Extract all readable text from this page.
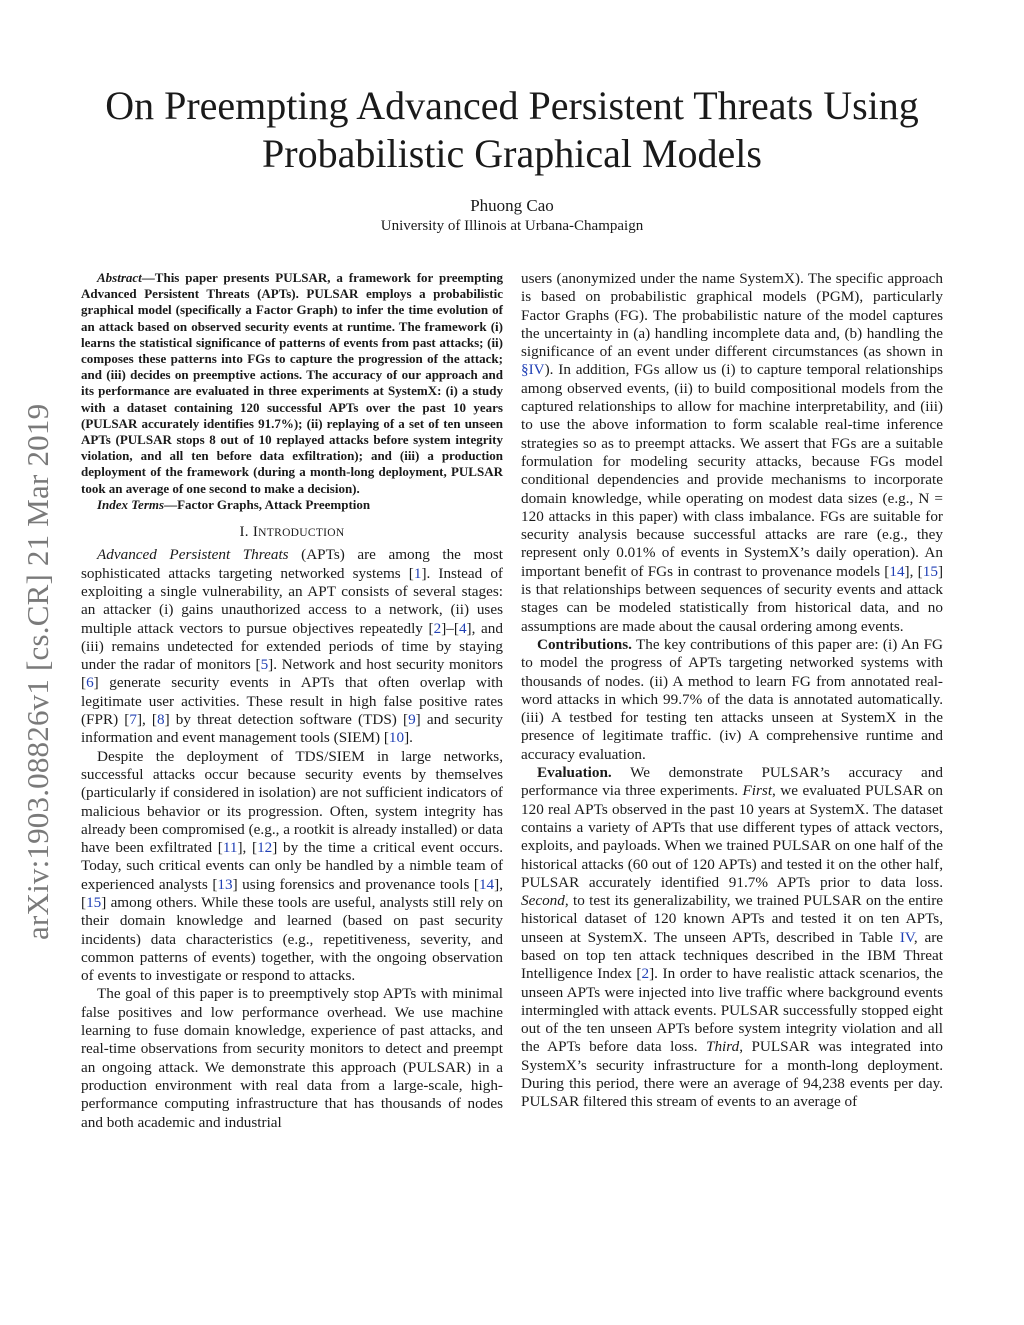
arXiv:1903.08826v1 [cs.CR] 21 Mar 2019
On Preempting Advanced Persistent Threats Using
Probabilistic Graphical Models
Phuong Cao
University of Illinois at Urbana-Champaign

Abstract—This paper presents PULSAR, a framework for preempting Advanced Persistent Threats (APTs). PULSAR employs a probabilistic graphical model (specifically a Factor Graph) to infer the time evolution of an attack based on observed security events at runtime. The framework (i) learns the statistical significance of patterns of events from past attacks; (ii) composes these patterns into FGs to capture the progression of the attack; and (iii) decides on preemptive actions. The accuracy of our approach and its performance are evaluated in three experiments at SystemX: (i) a study with a dataset containing 120 successful APTs over the past 10 years (PULSAR accurately identifies 91.7%); (ii) replaying of a set of ten unseen APTs (PULSAR stops 8 out of 10 replayed attacks before system integrity violation, and all ten before data exfiltration); and (iii) a production deployment of the framework (during a month-long deployment, PULSAR took an average of one second to make a decision).

Index Terms—Factor Graphs, Attack Preemption

I. INTRODUCTION

Advanced Persistent Threats (APTs) are among the most sophisticated attacks targeting networked systems [1]. Instead of exploiting a single vulnerability, an APT consists of several stages: an attacker (i) gains unauthorized access to a network, (ii) uses multiple attack vectors to pursue objectives repeatedly [2]–[4], and (iii) remains undetected for extended periods of time by staying under the radar of monitors [5]. Network and host security monitors [6] generate security events in APTs that often overlap with legitimate user activities. These result in high false positive rates (FPR) [7], [8] by threat detection software (TDS) [9] and security information and event management tools (SIEM) [10].

Despite the deployment of TDS/SIEM in large networks, successful attacks occur because security events by themselves (particularly if considered in isolation) are not sufficient indicators of malicious behavior or its progression. Often, system integrity has already been compromised (e.g., a rootkit is already installed) or data have been exfiltrated [11], [12] by the time a critical event occurs. Today, such critical events can only be handled by a nimble team of experienced analysts [13] using forensics and provenance tools [14], [15] among others. While these tools are useful, analysts still rely on their domain knowledge and learned (based on past security incidents) data characteristics (e.g., repetitiveness, severity, and common patterns of events) together, with the ongoing observation of events to investigate or respond to attacks.

The goal of this paper is to preemptively stop APTs with minimal false positives and low performance overhead. We use machine learning to fuse domain knowledge, experience of past attacks, and real-time observations from security monitors to detect and preempt an ongoing attack. We demonstrate this approach (PULSAR) in a production environment with real data from a large-scale, high-performance computing infrastructure that has thousands of nodes and both academic and industrial

users (anonymized under the name SystemX). The specific approach is based on probabilistic graphical models (PGM), particularly Factor Graphs (FG). The probabilistic nature of the model captures the uncertainty in (a) handling incomplete data and, (b) handling the significance of an event under different circumstances (as shown in §IV). In addition, FGs allow us (i) to capture temporal relationships among observed events, (ii) to build compositional models from the captured relationships to allow for machine interpretability, and (iii) to use the above information to form scalable real-time inference strategies so as to preempt attacks. We assert that FGs are a suitable formulation for modeling security attacks, because FGs model conditional dependencies and provide mechanisms to incorporate domain knowledge, while operating on modest data sizes (e.g., N = 120 attacks in this paper) with class imbalance. FGs are suitable for security analysis because successful attacks are rare (e.g., they represent only 0.01% of events in SystemX’s daily operation). An important benefit of FGs in contrast to provenance models [14], [15] is that relationships between sequences of security events and attack stages can be modeled statistically from historical data, and no assumptions are made about the causal ordering among events.

Contributions. The key contributions of this paper are: (i) An FG to model the progress of APTs targeting networked systems with thousands of nodes. (ii) A method to learn FG from annotated real-word attacks in which 99.7% of the data is annotated automatically. (iii) A testbed for testing ten attacks unseen at SystemX in the presence of legitimate traffic. (iv) A comprehensive runtime and accuracy evaluation.

Evaluation. We demonstrate PULSAR’s accuracy and performance via three experiments. First, we evaluated PULSAR on 120 real APTs observed in the past 10 years at SystemX. The dataset contains a variety of APTs that use different types of attack vectors, exploits, and payloads. When we trained PULSAR on one half of the historical attacks (60 out of 120 APTs) and tested it on the other half, PULSAR accurately identified 91.7% APTs prior to data loss. Second, to test its generalizability, we trained PULSAR on the entire historical dataset of 120 known APTs and tested it on ten APTs, unseen at SystemX. The unseen APTs, described in Table IV, are based on top ten attack techniques described in the IBM Threat Intelligence Index [2]. In order to have realistic attack scenarios, the unseen APTs were injected into live traffic where background events intermingled with attack events. PULSAR successfully stopped eight out of the ten unseen APTs before system integrity violation and all the APTs before data loss. Third, PULSAR was integrated into SystemX’s security infrastructure for a month-long deployment. During this period, there were an average of 94,238 events per day. PULSAR filtered this stream of events to an average of
